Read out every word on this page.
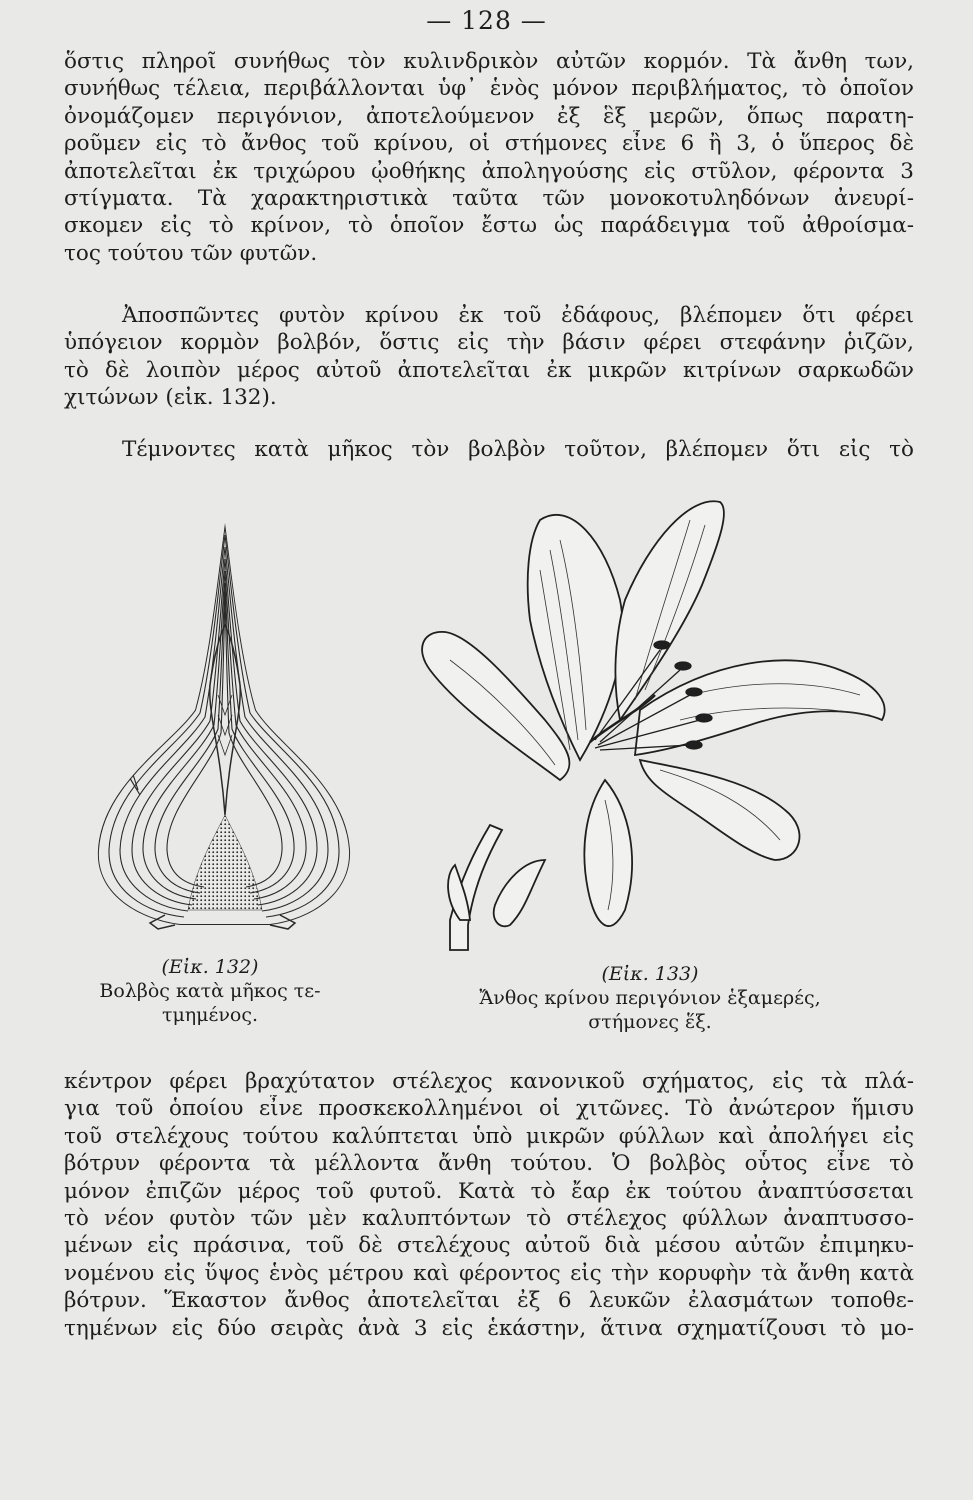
— 128 —
ὅστις πληροῖ συνήθως τὸν κυλινδρικὸν αὐτῶν κορμόν. Τὰ ἄνθη των,
συνήθως τέλεια, περιβάλλονται ὑφ᾽ ἑνὸς μόνον περιβλήματος, τὸ ὁποῖον
ὀνομάζομεν περιγόνιον, ἀποτελούμενον ἐξ ἓξ μερῶν, ὅπως παρατη-
ροῦμεν εἰς τὸ ἄνθος τοῦ κρίνου, οἱ στήμονες εἶνε 6 ἢ 3, ὁ ὕπερος δὲ
ἀποτελεῖται ἐκ τριχώρου ᾠοθήκης ἀποληγούσης εἰς στῦλον, φέροντα 3
στίγματα. Τὰ χαρακτηριστικὰ ταῦτα τῶν μονοκοτυληδόνων ἀνευρί-
σκομεν εἰς τὸ κρίνον, τὸ ὁποῖον ἔστω ὡς παράδειγμα τοῦ ἀθροίσμα-
τος τούτου τῶν φυτῶν.
Ἀποσπῶντες φυτὸν κρίνου ἐκ τοῦ ἐδάφους, βλέπομεν ὅτι φέρει
ὑπόγειον κορμὸν βολβόν, ὅστις εἰς τὴν βάσιν φέρει στεφάνην ῥιζῶν,
τὸ δὲ λοιπὸν μέρος αὐτοῦ ἀποτελεῖται ἐκ μικρῶν κιτρίνων σαρκωδῶν
χιτώνων (εἰκ. 132).
Τέμνοντες κατὰ μῆκος τὸν βολβὸν τοῦτον, βλέπομεν ὅτι εἰς τὸ
(Εἰκ. 132)
Βολβὸς κατὰ μῆκος τε-
τμημένος.
(Εἰκ. 133)
Ἄνθος κρίνου περιγόνιον ἑξαμερές,
στήμονες ἕξ.
κέντρον φέρει βραχύτατον στέλεχος κανονικοῦ σχήματος, εἰς τὰ πλά-
για τοῦ ὁποίου εἶνε προσκεκολλημένοι οἱ χιτῶνες. Τὸ ἀνώτερον ἥμισυ
τοῦ στελέχους τούτου καλύπτεται ὑπὸ μικρῶν φύλλων καὶ ἀπολήγει εἰς
βότρυν φέροντα τὰ μέλλοντα ἄνθη τούτου. Ὁ βολβὸς οὗτος εἶνε τὸ
μόνον ἐπιζῶν μέρος τοῦ φυτοῦ. Κατὰ τὸ ἔαρ ἐκ τούτου ἀναπτύσσεται
τὸ νέον φυτὸν τῶν μὲν καλυπτόντων τὸ στέλεχος φύλλων ἀναπτυσσο-
μένων εἰς πράσινα, τοῦ δὲ στελέχους αὐτοῦ διὰ μέσου αὐτῶν ἐπιμηκυ-
νομένου εἰς ὕψος ἑνὸς μέτρου καὶ φέροντος εἰς τὴν κορυφὴν τὰ ἄνθη κατὰ
βότρυν. Ἕκαστον ἄνθος ἀποτελεῖται ἐξ 6 λευκῶν ἐλασμάτων τοποθε-
τημένων εἰς δύο σειρὰς ἀνὰ 3 εἰς ἑκάστην, ἅτινα σχηματίζουσι τὸ μο-
